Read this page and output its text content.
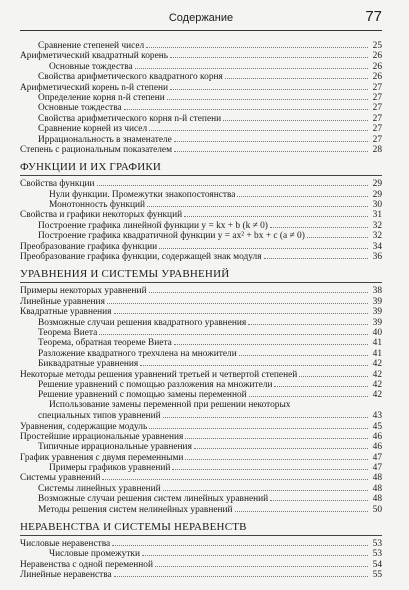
Содержание	77
Сравнение степеней чисел	25
Арифметический квадратный корень	26
Основные тождества	26
Свойства арифметического квадратного корня	26
Арифметический корень n-й степени	27
Определение корня n-й степени	27
Основные тождества	27
Свойства арифметического корня n-й степени	27
Сравнение корней из чисел	27
Иррациональность в знаменателе	27
Степень с рациональным показателем	28
ФУНКЦИИ И ИХ ГРАФИКИ
Свойства функции	29
Нули функции. Промежутки знакопостоянства	29
Монотонность функций	30
Свойства и графики некоторых функций	31
Построение графика линейной функции y = kx + b (k ≠ 0)	32
Построение графика квадратичной функции y = ax² + bx + c (a ≠ 0)	32
Преобразование графика функции	34
Преобразование графика функции, содержащей знак модуля	36
УРАВНЕНИЯ И СИСТЕМЫ УРАВНЕНИЙ
Примеры некоторых уравнений	38
Линейные уравнения	39
Квадратные уравнения	39
Возможные случаи решения квадратного уравнения	39
Теорема Виета	40
Теорема, обратная теореме Виета	41
Разложение квадратного трехчлена на множители	41
Биквадратные уравнения	42
Некоторые методы решения уравнений третьей и четвертой степеней	42
Решение уравнений с помощью разложения на множители	42
Решение уравнений с помощью замены переменной	42
Использование замены переменной при решении некоторых
специальных типов уравнений	43
Уравнения, содержащие модуль	45
Простейшие иррациональные уравнения	46
Типичные иррациональные уравнения	46
График уравнения с двумя переменными	47
Примеры графиков уравнений	47
Системы уравнений	48
Системы линейных уравнений	48
Возможные случаи решения систем линейных уравнений	48
Методы решения систем нелинейных уравнений	50
НЕРАВЕНСТВА И СИСТЕМЫ НЕРАВЕНСТВ
Числовые неравенства	53
Числовые промежутки	53
Неравенства с одной переменной	54
Линейные неравенства	55
